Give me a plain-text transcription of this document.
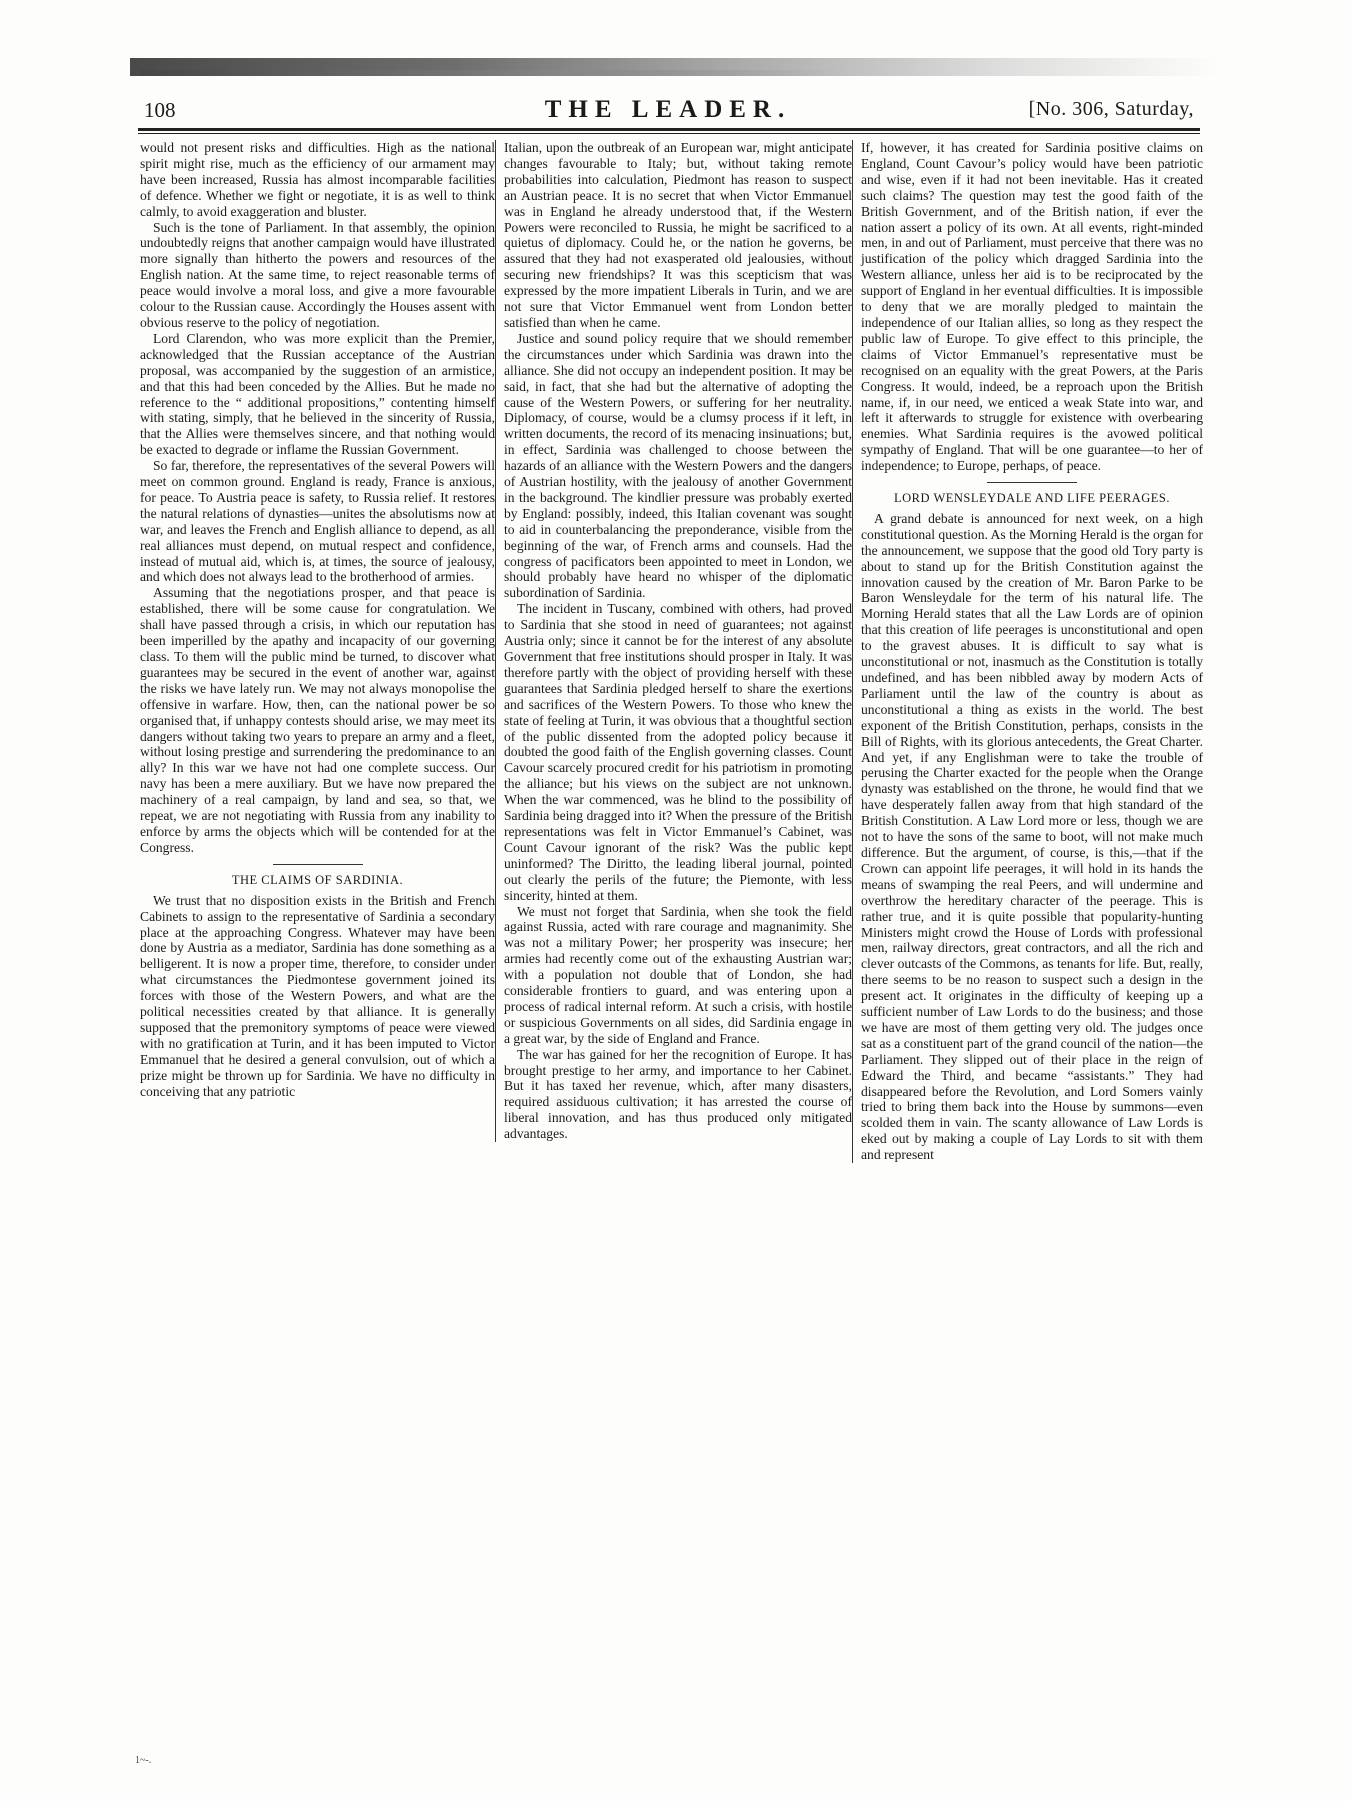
108	THE LEADER.	[No. 306, Saturday,

would not present risks and difficulties. High as the national spirit might rise, much as the efficiency of our armament may have been increased, Russia has almost incomparable facilities of defence. Whether we fight or negotiate, it is as well to think calmly, to avoid exaggeration and bluster.

Such is the tone of Parliament. In that assembly, the opinion undoubtedly reigns that another campaign would have illustrated more signally than hitherto the powers and resources of the English nation. At the same time, to reject reasonable terms of peace would involve a moral loss, and give a more favourable colour to the Russian cause. Accordingly the Houses assent with obvious reserve to the policy of negotiation.

Lord Clarendon, who was more explicit than the Premier, acknowledged that the Russian acceptance of the Austrian proposal, was accompanied by the suggestion of an armistice, and that this had been conceded by the Allies. But he made no reference to the “ additional propositions,” contenting himself with stating, simply, that he believed in the sincerity of Russia, that the Allies were themselves sincere, and that nothing would be exacted to degrade or inflame the Russian Government.

So far, therefore, the representatives of the several Powers will meet on common ground. England is ready, France is anxious, for peace. To Austria peace is safety, to Russia relief. It restores the natural relations of dynasties—unites the absolutisms now at war, and leaves the French and English alliance to depend, as all real alliances must depend, on mutual respect and confidence, instead of mutual aid, which is, at times, the source of jealousy, and which does not always lead to the brotherhood of armies.

Assuming that the negotiations prosper, and that peace is established, there will be some cause for congratulation. We shall have passed through a crisis, in which our reputation has been imperilled by the apathy and incapacity of our governing class. To them will the public mind be turned, to discover what guarantees may be secured in the event of another war, against the risks we have lately run. We may not always monopolise the offensive in warfare. How, then, can the national power be so organised that, if unhappy contests should arise, we may meet its dangers without taking two years to prepare an army and a fleet, without losing prestige and surrendering the predominance to an ally? In this war we have not had one complete success. Our navy has been a mere auxiliary. But we have now prepared the machinery of a real campaign, by land and sea, so that, we repeat, we are not negotiating with Russia from any inability to enforce by arms the objects which will be contended for at the Congress.

THE CLAIMS OF SARDINIA.

We trust that no disposition exists in the British and French Cabinets to assign to the representative of Sardinia a secondary place at the approaching Congress. Whatever may have been done by Austria as a mediator, Sardinia has done something as a belligerent. It is now a proper time, therefore, to consider under what circumstances the Piedmontese government joined its forces with those of the Western Powers, and what are the political necessities created by that alliance. It is generally supposed that the premonitory symptoms of peace were viewed with no gratification at Turin, and it has been imputed to Victor Emmanuel that he desired a general convulsion, out of which a prize might be thrown up for Sardinia. We have no difficulty in conceiving that any patriotic

Italian, upon the outbreak of an European war, might anticipate changes favourable to Italy; but, without taking remote probabilities into calculation, Piedmont has reason to suspect an Austrian peace. It is no secret that when Victor Emmanuel was in England he already understood that, if the Western Powers were reconciled to Russia, he might be sacrificed to a quietus of diplomacy. Could he, or the nation he governs, be assured that they had not exasperated old jealousies, without securing new friendships? It was this scepticism that was expressed by the more impatient Liberals in Turin, and we are not sure that Victor Emmanuel went from London better satisfied than when he came.

Justice and sound policy require that we should remember the circumstances under which Sardinia was drawn into the alliance. She did not occupy an independent position. It may be said, in fact, that she had but the alternative of adopting the cause of the Western Powers, or suffering for her neutrality. Diplomacy, of course, would be a clumsy process if it left, in written documents, the record of its menacing insinuations; but, in effect, Sardinia was challenged to choose between the hazards of an alliance with the Western Powers and the dangers of Austrian hostility, with the jealousy of another Government in the background. The kindlier pressure was probably exerted by England: possibly, indeed, this Italian covenant was sought to aid in counterbalancing the preponderance, visible from the beginning of the war, of French arms and counsels. Had the congress of pacificators been appointed to meet in London, we should probably have heard no whisper of the diplomatic subordination of Sardinia.

The incident in Tuscany, combined with others, had proved to Sardinia that she stood in need of guarantees; not against Austria only; since it cannot be for the interest of any absolute Government that free institutions should prosper in Italy. It was therefore partly with the object of providing herself with these guarantees that Sardinia pledged herself to share the exertions and sacrifices of the Western Powers. To those who knew the state of feeling at Turin, it was obvious that a thoughtful section of the public dissented from the adopted policy because it doubted the good faith of the English governing classes. Count Cavour scarcely procured credit for his patriotism in promoting the alliance; but his views on the subject are not unknown. When the war commenced, was he blind to the possibility of Sardinia being dragged into it? When the pressure of the British representations was felt in Victor Emmanuel’s Cabinet, was Count Cavour ignorant of the risk? Was the public kept uninformed? The Diritto, the leading liberal journal, pointed out clearly the perils of the future; the Piemonte, with less sincerity, hinted at them.

We must not forget that Sardinia, when she took the field against Russia, acted with rare courage and magnanimity. She was not a military Power; her prosperity was insecure; her armies had recently come out of the exhausting Austrian war; with a population not double that of London, she had considerable frontiers to guard, and was entering upon a process of radical internal reform. At such a crisis, with hostile or suspicious Governments on all sides, did Sardinia engage in a great war, by the side of England and France.

The war has gained for her the recognition of Europe. It has brought prestige to her army, and importance to her Cabinet. But it has taxed her revenue, which, after many disasters, required assiduous cultivation; it has arrested the course of liberal innovation, and has thus produced only mitigated advantages.

If, however, it has created for Sardinia positive claims on England, Count Cavour’s policy would have been patriotic and wise, even if it had not been inevitable. Has it created such claims? The question may test the good faith of the British Government, and of the British nation, if ever the nation assert a policy of its own. At all events, right-minded men, in and out of Parliament, must perceive that there was no justification of the policy which dragged Sardinia into the Western alliance, unless her aid is to be reciprocated by the support of England in her eventual difficulties. It is impossible to deny that we are morally pledged to maintain the independence of our Italian allies, so long as they respect the public law of Europe. To give effect to this principle, the claims of Victor Emmanuel’s representative must be recognised on an equality with the great Powers, at the Paris Congress. It would, indeed, be a reproach upon the British name, if, in our need, we enticed a weak State into war, and left it afterwards to struggle for existence with overbearing enemies. What Sardinia requires is the avowed political sympathy of England. That will be one guarantee—to her of independence; to Europe, perhaps, of peace.

LORD WENSLEYDALE AND LIFE PEERAGES.

A grand debate is announced for next week, on a high constitutional question. As the Morning Herald is the organ for the announcement, we suppose that the good old Tory party is about to stand up for the British Constitution against the innovation caused by the creation of Mr. Baron Parke to be Baron Wensleydale for the term of his natural life. The Morning Herald states that all the Law Lords are of opinion that this creation of life peerages is unconstitutional and open to the gravest abuses. It is difficult to say what is unconstitutional or not, inasmuch as the Constitution is totally undefined, and has been nibbled away by modern Acts of Parliament until the law of the country is about as unconstitutional a thing as exists in the world. The best exponent of the British Constitution, perhaps, consists in the Bill of Rights, with its glorious antecedents, the Great Charter. And yet, if any Englishman were to take the trouble of perusing the Charter exacted for the people when the Orange dynasty was established on the throne, he would find that we have desperately fallen away from that high standard of the British Constitution. A Law Lord more or less, though we are not to have the sons of the same to boot, will not make much difference. But the argument, of course, is this,—that if the Crown can appoint life peerages, it will hold in its hands the means of swamping the real Peers, and will undermine and overthrow the hereditary character of the peerage. This is rather true, and it is quite possible that popularity-hunting Ministers might crowd the House of Lords with professional men, railway directors, great contractors, and all the rich and clever outcasts of the Commons, as tenants for life. But, really, there seems to be no reason to suspect such a design in the present act. It originates in the difficulty of keeping up a sufficient number of Law Lords to do the business; and those we have are most of them getting very old. The judges once sat as a constituent part of the grand council of the nation—the Parliament. They slipped out of their place in the reign of Edward the Third, and became “assistants.” They had disappeared before the Revolution, and Lord Somers vainly tried to bring them back into the House by summons—even scolded them in vain. The scanty allowance of Law Lords is eked out by making a couple of Lay Lords to sit with them and represent

1~-.
